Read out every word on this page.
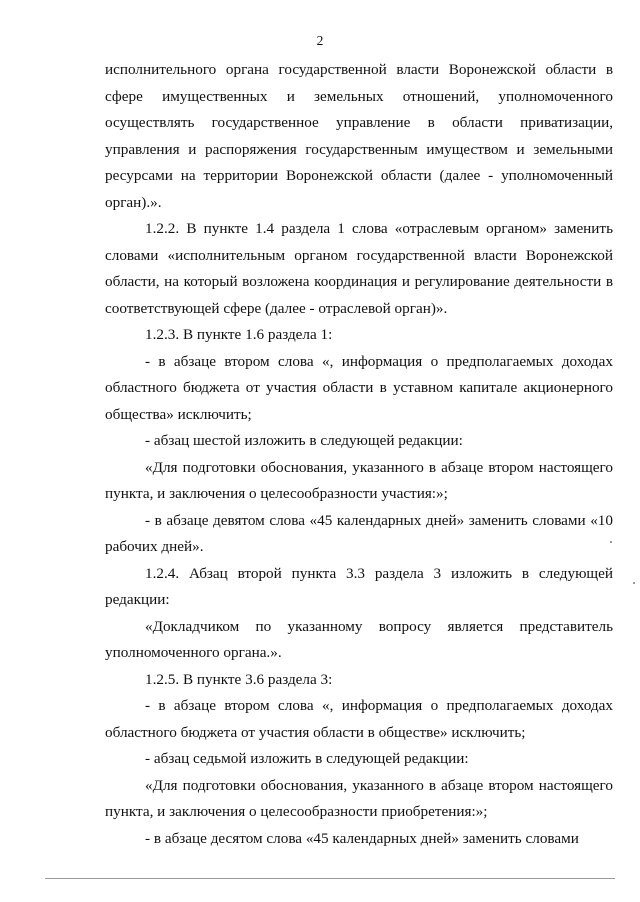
2

исполнительного органа государственной власти Воронежской области в сфере имущественных и земельных отношений, уполномоченного осуществлять государственное управление в области приватизации, управления и распоряжения государственным имуществом и земельными ресурсами на территории Воронежской области (далее - уполномоченный орган).».

1.2.2. В пункте 1.4 раздела 1 слова «отраслевым органом» заменить словами «исполнительным органом государственной власти Воронежской области, на который возложена координация и регулирование деятельности в соответствующей сфере (далее - отраслевой орган)».

1.2.3. В пункте 1.6 раздела 1:

- в абзаце втором слова «, информация о предполагаемых доходах областного бюджета от участия области в уставном капитале акционерного общества» исключить;

- абзац шестой изложить в следующей редакции:

«Для подготовки обоснования, указанного в абзаце втором настоящего пункта, и заключения о целесообразности участия:»;

- в абзаце девятом слова «45 календарных дней» заменить словами «10 рабочих дней».

1.2.4. Абзац второй пункта 3.3 раздела 3 изложить в следующей редакции:

«Докладчиком по указанному вопросу является представитель уполномоченного органа.».

1.2.5. В пункте 3.6 раздела 3:

- в абзаце втором слова «, информация о предполагаемых доходах областного бюджета от участия области в обществе» исключить;

- абзац седьмой изложить в следующей редакции:

«Для подготовки обоснования, указанного в абзаце втором настоящего пункта, и заключения о целесообразности приобретения:»;

- в абзаце десятом слова «45 календарных дней» заменить словами
